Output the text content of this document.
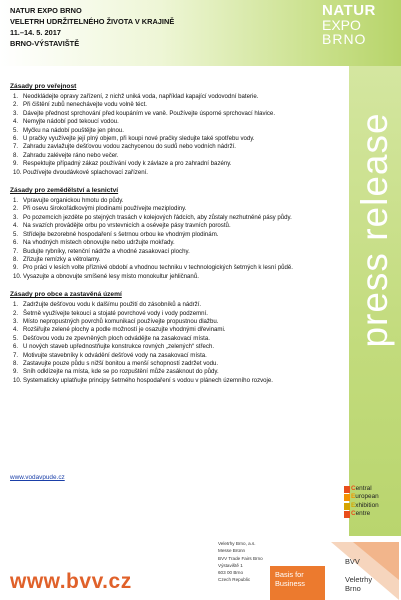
NATUR EXPO BRNO
VELETRH UDRŽITELNÉHO ŽIVOTA V KRAJINĚ
11.–14. 5. 2017
BRNO-VÝSTAVIŠTĚ
NATUR
EXPO
BRNO
press release
C entral
E uropean
E xhibition
C entre
Zásady pro veřejnost
1. Neodkládejte opravy zařízení, z nichž uniká voda, například kapající vodovodní baterie.
2. Při čištění zubů nenechávejte vodu volně téct.
3. Dávejte přednost sprchování před koupáním ve vaně. Používejte úsporné sprchovací hlavice.
4. Nemyjte nádobí pod tekoucí vodou.
5. Myčku na nádobí pouštějte jen plnou.
6. U pračky využívejte její plný objem, při koupi nové pračky sledujte také spotřebu vody.
7. Zahradu zavlažujte dešťovou vodou zachycenou do sudů nebo vodních nádrží.
8. Zahradu zalévejte ráno nebo večer.
9. Respektujte případný zákaz používání vody k závlaze a pro zahradní bazény.
10. Používejte dvoudávkové splachovací zařízení.
Zásady pro zemědělství a lesnictví
1. Vpravujte organickou hmotu do půdy.
2. Při osevu širokořádkovými plodinami používejte meziplodiny.
3. Po pozemcích jezděte po stejných trasách v kolejových řádcích, aby zůstaly nezhutněné pásy půdy.
4. Na svazích provádějte orbu po vrstevnicích a osévejte pásy travních porostů.
5. Střídejte bezorebné hospodaření s šetrnou orbou ke vhodným plodinám.
6. Na vhodných místech obnovujte nebo udržujte mokřady.
7. Budujte rybníky, retenční nádrže a vhodné zasakovací plochy.
8. Zřizujte remízky a větrolamy.
9. Pro práci v lesích volte příznivé období a vhodnou techniku v technologických šetrných k lesní půdě.
10. Vysazujte a obnovujte smíšené lesy místo monokultur jehličnanů.
Zásady pro obce a zastavěná území
1. Zadržujte dešťovou vodu k dalšímu použití do zásobníků a nádrží.
2. Šetrně využívejte tekoucí a stojaté povrchové vody i vody podzemní.
3. Místo nepropustných povrchů komunikací používejte propustnou dlažbu.
4. Rozšiřujte zelené plochy a podle možností je osazujte vhodnými dřevinami.
5. Dešťovou vodu ze zpevněných ploch odvádějte na zasakovací místa.
6. U nových staveb upřednostňujte konstrukce rovných „zelených“ střech.
7. Motivujte stavebníky k odvádění dešťové vody na zasakovací místa.
8. Zastavujte pouze půdu s nižší bonitou a menší schopností zadržet vodu.
9. Sníh odklízejte na místa, kde se po rozpuštění může zasáknout do půdy.
10. Systematicky uplatňujte principy šetrného hospodaření s vodou v plánech územního rozvoje.
www.vodavpude.cz
www.bvv.cz
Veletrhy Brno, a.s.
Messe Brünn
BVV Trade Fairs Brno
Výstaviště 1
603 00 Brno
Czech Republic
Basis for
Business
BVV
Veletrhy
Brno
